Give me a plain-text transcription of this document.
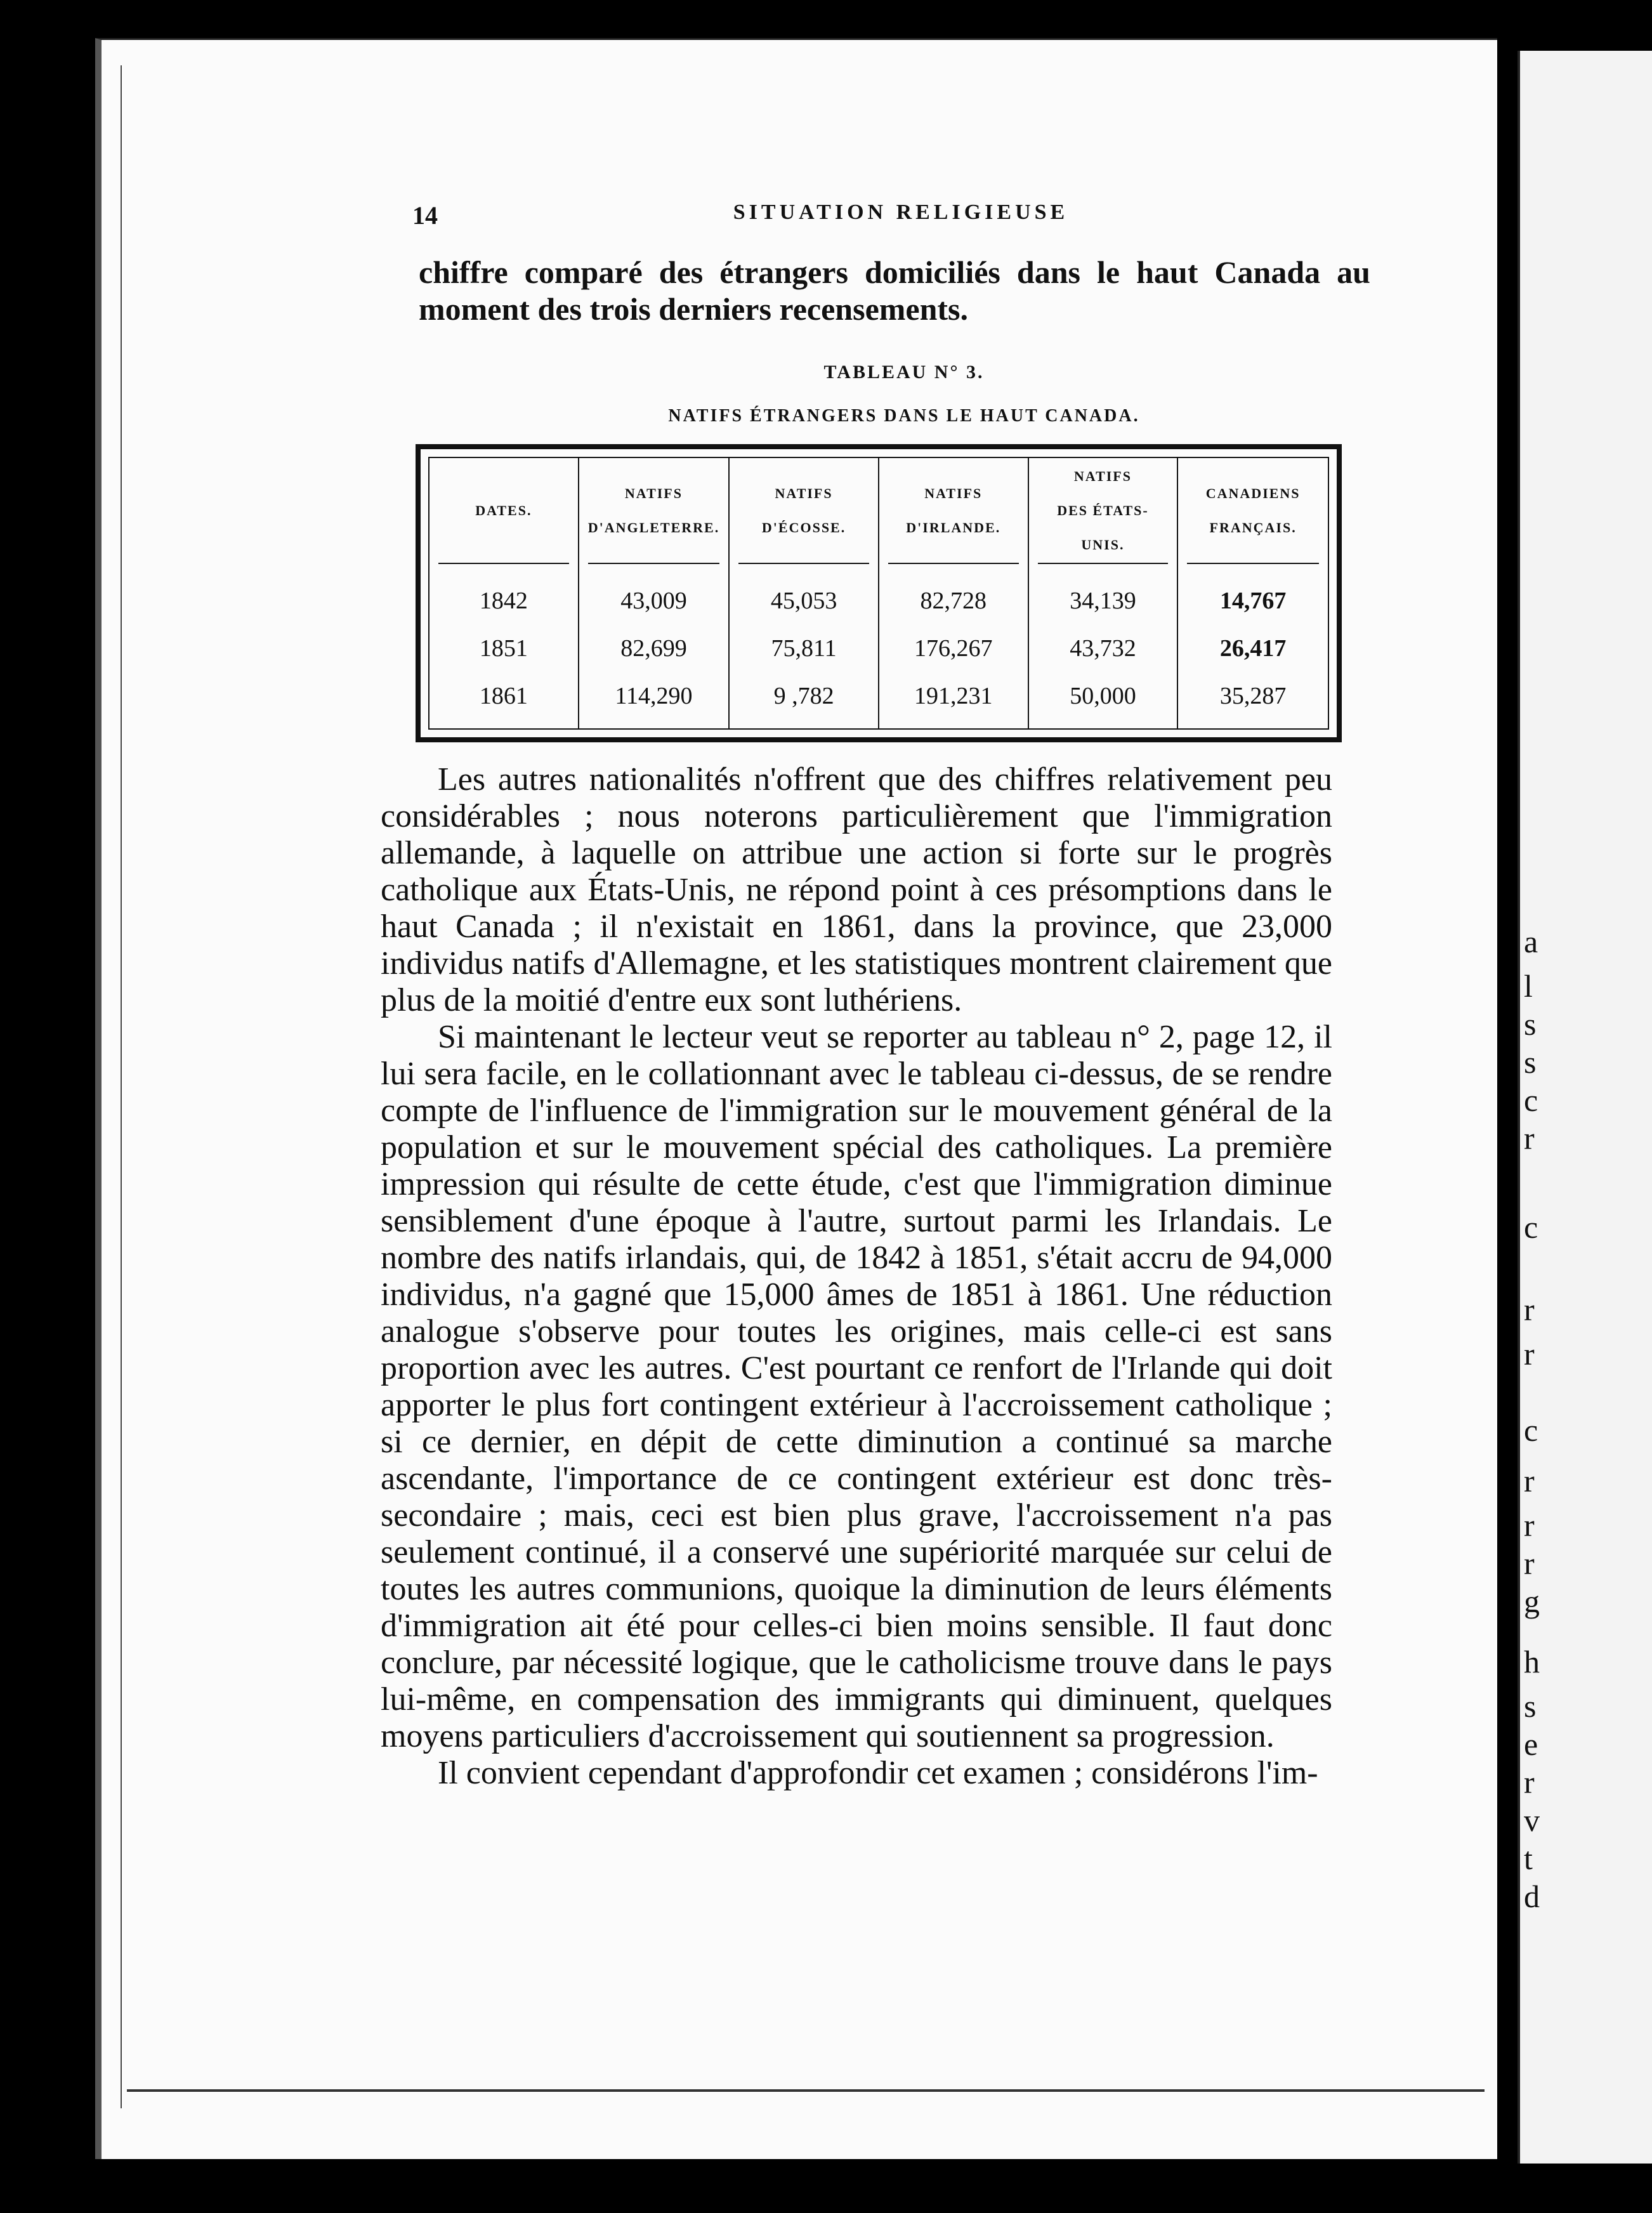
a
l
s
s
c
r
c
r
r
c
r
r
r
g
h
s
e
r
v
t
d
14	SITUATION RELIGIEUSE
chiffre comparé des étrangers domiciliés dans le haut Canada au moment des trois derniers recensements.
TABLEAU N° 3.
NATIFS ÉTRANGERS DANS LE HAUT CANADA.
DATES.
1842
1851
1861
NATIFS
D'ANGLETERRE.
43,009
82,699
114,290
NATIFS
D'ÉCOSSE.
45,053
75,811
9 ,782
NATIFS
D'IRLANDE.
82,728
176,267
191,231
NATIFS
DES ÉTATS-UNIS.
34,139
43,732
50,000
CANADIENS
FRANÇAIS.
14,767
26,417
35,287

Les autres nationalités n'offrent que des chiffres relativement peu considérables ; nous noterons particulièrement que l'immigration allemande, à laquelle on attribue une action si forte sur le progrès catholique aux États-Unis, ne répond point à ces présomptions dans le haut Canada ; il n'existait en 1861, dans la province, que 23,000 individus natifs d'Allemagne, et les statistiques montrent clairement que plus de la moitié d'entre eux sont luthériens.

Si maintenant le lecteur veut se reporter au tableau n° 2, page 12, il lui sera facile, en le collationnant avec le tableau ci-dessus, de se rendre compte de l'influence de l'immigration sur le mouvement général de la population et sur le mouvement spécial des catholiques. La première impression qui résulte de cette étude, c'est que l'immigration diminue sensiblement d'une époque à l'autre, surtout parmi les Irlandais. Le nombre des natifs irlandais, qui, de 1842 à 1851, s'était accru de 94,000 individus, n'a gagné que 15,000 âmes de 1851 à 1861. Une réduction analogue s'observe pour toutes les origines, mais celle-ci est sans proportion avec les autres. C'est pourtant ce renfort de l'Irlande qui doit apporter le plus fort contingent extérieur à l'accroissement catholique ; si ce dernier, en dépit de cette diminution a continué sa marche ascendante, l'importance de ce contingent extérieur est donc très-secondaire ; mais, ceci est bien plus grave, l'accroissement n'a pas seulement continué, il a conservé une supériorité marquée sur celui de toutes les autres communions, quoique la diminution de leurs éléments d'immigration ait été pour celles-ci bien moins sensible. Il faut donc conclure, par nécessité logique, que le catholicisme trouve dans le pays lui-même, en compensation des immigrants qui diminuent, quelques moyens particuliers d'accroissement qui soutiennent sa progression.

Il convient cependant d'approfondir cet examen ; considérons l'im-
